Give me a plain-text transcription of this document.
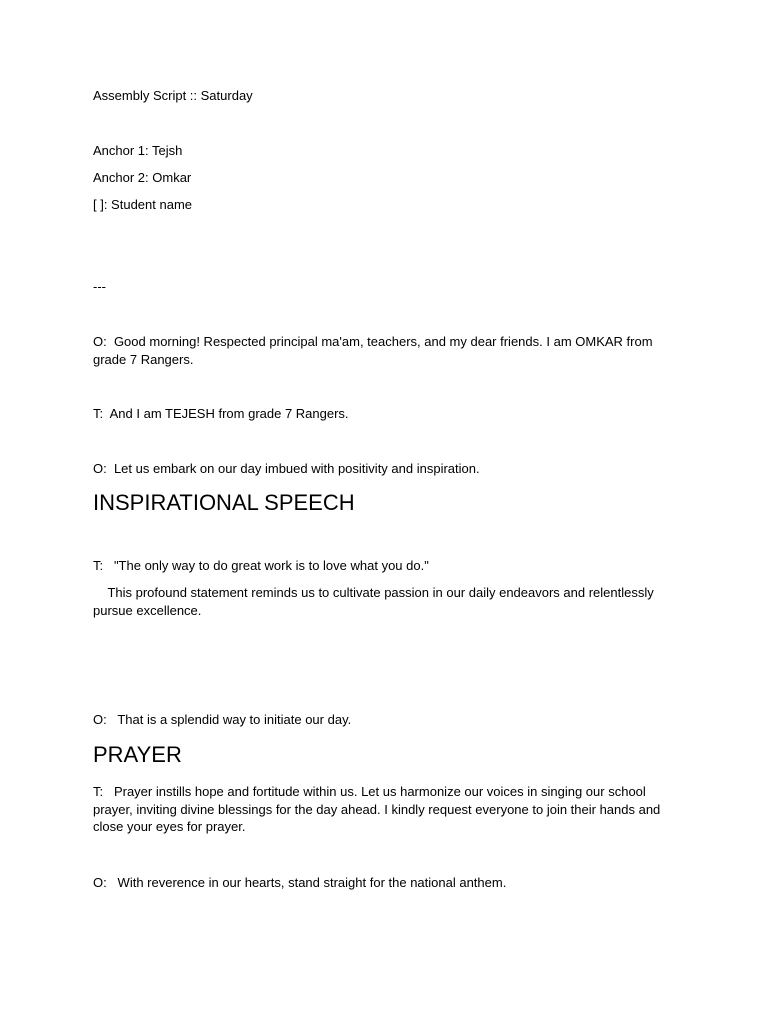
Assembly Script :: Saturday

Anchor 1: Tejsh

Anchor 2: Omkar

[ ]: Student name

---

O:  Good morning! Respected principal ma'am, teachers, and my dear friends. I am OMKAR from grade 7 Rangers.

T:  And I am TEJESH from grade 7 Rangers.

O:  Let us embark on our day imbued with positivity and inspiration.

INSPIRATIONAL SPEECH

T:   "The only way to do great work is to love what you do."

This profound statement reminds us to cultivate passion in our daily endeavors and relentlessly pursue excellence.

O:   That is a splendid way to initiate our day.

PRAYER

T:   Prayer instills hope and fortitude within us. Let us harmonize our voices in singing our school prayer, inviting divine blessings for the day ahead. I kindly request everyone to join their hands and close your eyes for prayer.

O:   With reverence in our hearts, stand straight for the national anthem.
